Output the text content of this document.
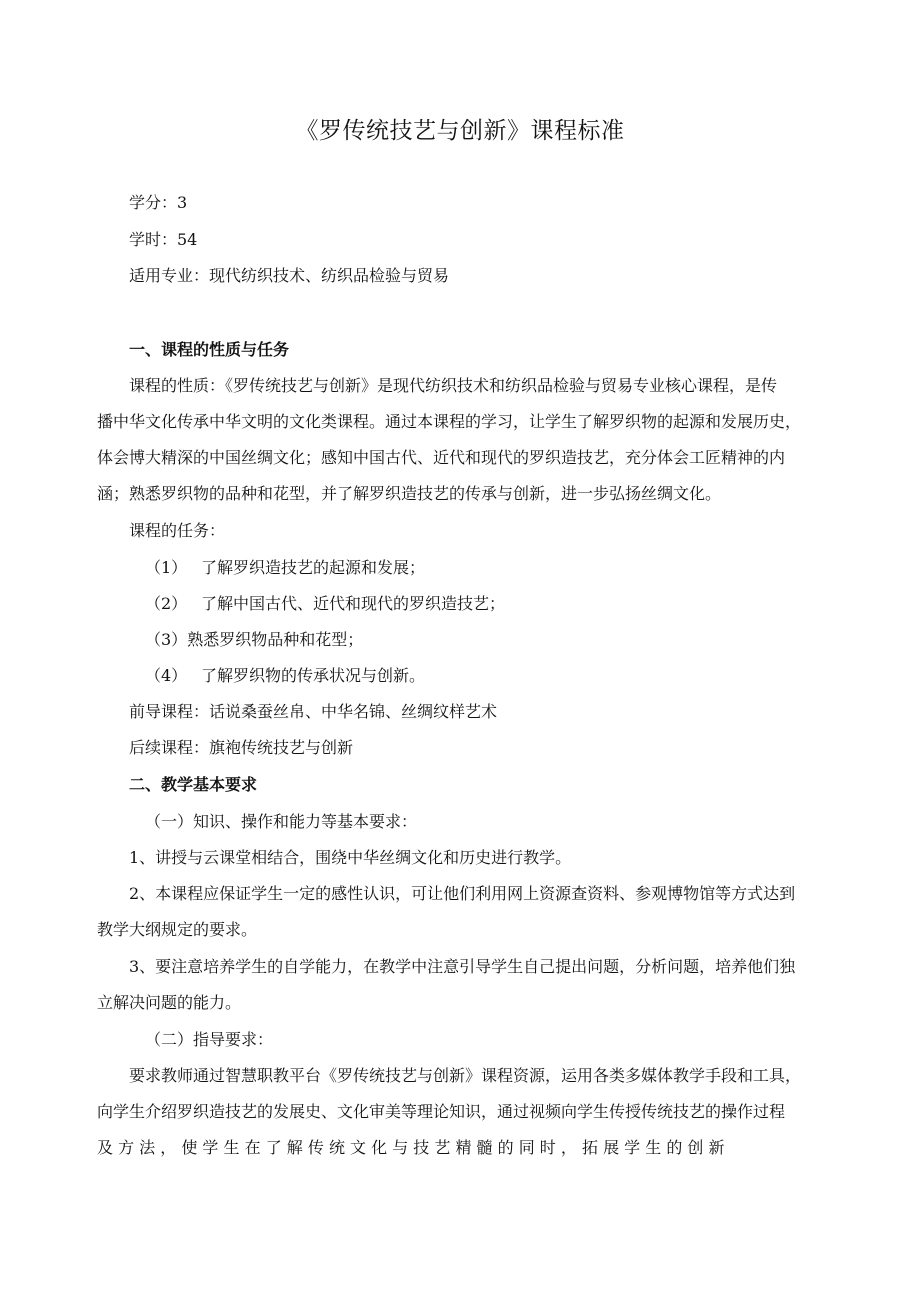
《罗传统技艺与创新》课程标准
学分：3
学时：54
适用专业：现代纺织技术、纺织品检验与贸易
一、课程的性质与任务
课程的性质：《罗传统技艺与创新》是现代纺织技术和纺织品检验与贸易专业核心课程，是传
播中华文化传承中华文明的文化类课程。通过本课程的学习，让学生了解罗织物的起源和发展历史，
体会博大精深的中国丝绸文化；感知中国古代、近代和现代的罗织造技艺，充分体会工匠精神的内
涵；熟悉罗织物的品种和花型，并了解罗织造技艺的传承与创新，进一步弘扬丝绸文化。
课程的任务：
（1） 了解罗织造技艺的起源和发展；
（2） 了解中国古代、近代和现代的罗织造技艺；
（3）熟悉罗织物品种和花型；
（4） 了解罗织物的传承状况与创新。
前导课程：话说桑蚕丝帛、中华名锦、丝绸纹样艺术
后续课程：旗袍传统技艺与创新
二、教学基本要求
（一）知识、操作和能力等基本要求：
1、讲授与云课堂相结合，围绕中华丝绸文化和历史进行教学。
2、本课程应保证学生一定的感性认识，可让他们利用网上资源查资料、参观博物馆等方式达到
教学大纲规定的要求。
3、要注意培养学生的自学能力，在教学中注意引导学生自己提出问题，分析问题，培养他们独
立解决问题的能力。
（二）指导要求：
要求教师通过智慧职教平台《罗传统技艺与创新》课程资源，运用各类多媒体教学手段和工具，
向学生介绍罗织造技艺的发展史、文化审美等理论知识，通过视频向学生传授传统技艺的操作过程
及 方 法 ， 使 学 生 在 了 解 传 统 文 化 与 技 艺 精 髓 的 同 时 ， 拓 展 学 生 的 创 新
